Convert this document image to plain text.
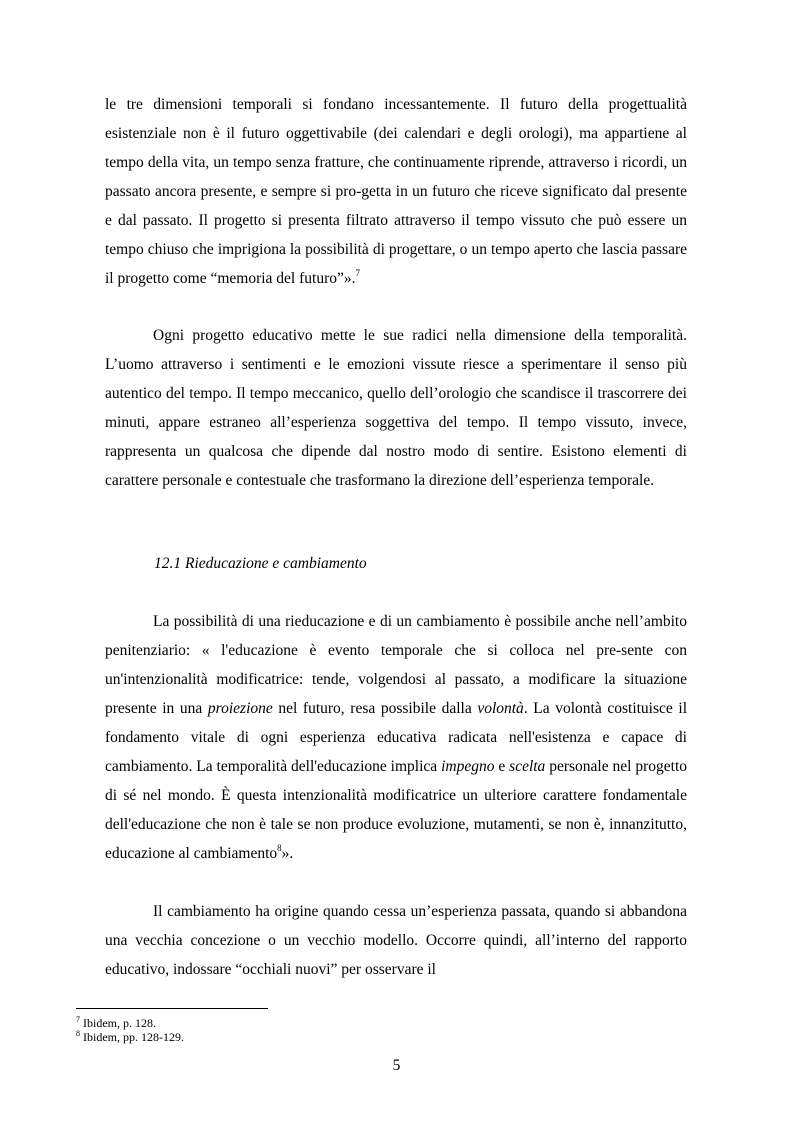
le tre dimensioni temporali si fondano incessantemente. Il futuro della progettualità esistenziale non è il futuro oggettivabile (dei calendari e degli orologi), ma appartiene al tempo della vita, un tempo senza fratture, che continuamente riprende, attraverso i ricordi, un passato ancora presente, e sempre si pro-getta in un futuro che riceve significato dal presente e dal passato. Il progetto si presenta filtrato attraverso il tempo vissuto che può essere un tempo chiuso che imprigiona la possibilità di progettare, o un tempo aperto che lascia passare il progetto come “memoria del futuro”».$^7$

Ogni progetto educativo mette le sue radici nella dimensione della temporalità. L’uomo attraverso i sentimenti e le emozioni vissute riesce a sperimentare il senso più autentico del tempo. Il tempo meccanico, quello dell’orologio che scandisce il trascorrere dei minuti, appare estraneo all’esperienza soggettiva del tempo. Il tempo vissuto, invece, rappresenta un qualcosa che dipende dal nostro modo di sentire. Esistono elementi di carattere personale e contestuale che trasformano la direzione dell’esperienza temporale.

12.1 Rieducazione e cambiamento

La possibilità di una rieducazione e di un cambiamento è possibile anche nell’ambito penitenziario: « l'educazione è evento temporale che si colloca nel pre-sente con un'intenzionalità modificatrice: tende, volgendosi al passato, a modificare la situazione presente in una proiezione nel futuro, resa possibile dalla volontà. La volontà costituisce il fondamento vitale di ogni esperienza educativa radicata nell'esistenza e capace di cambiamento. La temporalità dell'educazione implica impegno e scelta personale nel progetto di sé nel mondo. È questa intenzionalità modificatrice un ulteriore carattere fondamentale dell'educazione che non è tale se non produce evoluzione, mutamenti, se non è, innanzitutto, educazione al cambiamento$^8$».

Il cambiamento ha origine quando cessa un’esperienza passata, quando si abbandona una vecchia concezione o un vecchio modello. Occorre quindi, all’interno del rapporto educativo, indossare “occhiali nuovi” per osservare il

$^7$ Ibidem, p. 128.
$^8$ Ibidem, pp. 128-129.
5
